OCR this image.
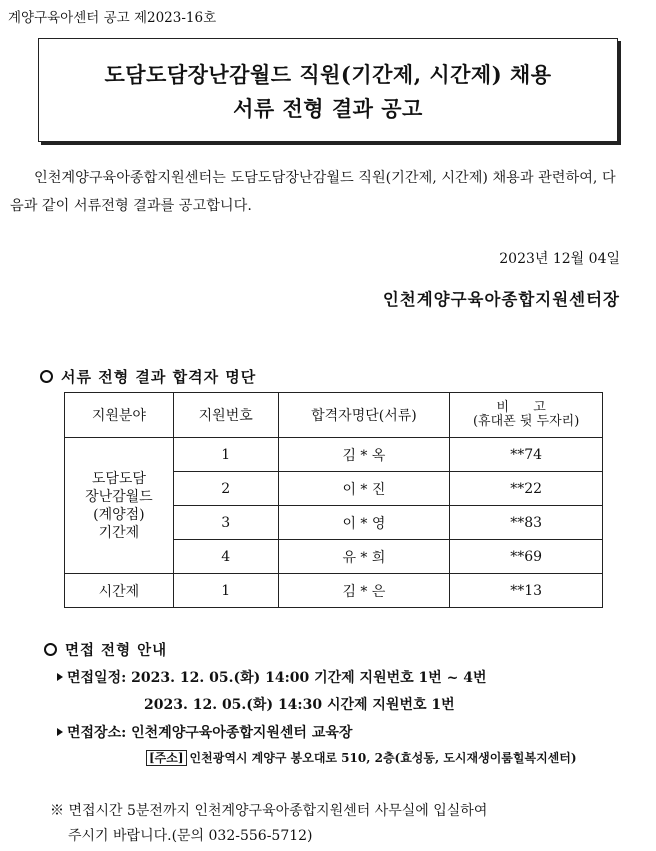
계양구육아센터 공고 제2023-16호
도담도담장난감월드 직원(기간제, 시간제) 채용
서류 전형 결과 공고
인천계양구육아종합지원센터는 도담도담장난감월드 직원(기간제, 시간제) 채용과 관련하여, 다음과 같이 서류전형 결과를 공고합니다.
2023년 12월 04일
인천계양구육아종합지원센터장
서류 전형 결과 합격자 명단
지원분야	지원번호	합격자명단(서류)	비 고
(휴대폰 뒷 두자리)

도담도담
장난감월드
(계양점)
기간제	1	김 * 옥	**74
	2	이 * 진	**22
	3	이 * 영	**83
	4	유 * 희	**69
시간제	1	김 * 은	**13
면접 전형 안내
면접일정: 2023. 12. 05.(화) 14:00 기간제 지원번호 1번 ~ 4번
2023. 12. 05.(화) 14:30 시간제 지원번호 1번
면접장소: 인천계양구육아종합지원센터 교육장
[주소] 인천광역시 계양구 봉오대로 510, 2층(효성동, 도시재생이룸힐복지센터)
※ 면접시간 5분전까지 인천계양구육아종합지원센터 사무실에 입실하여
주시기 바랍니다.(문의 032-556-5712)
